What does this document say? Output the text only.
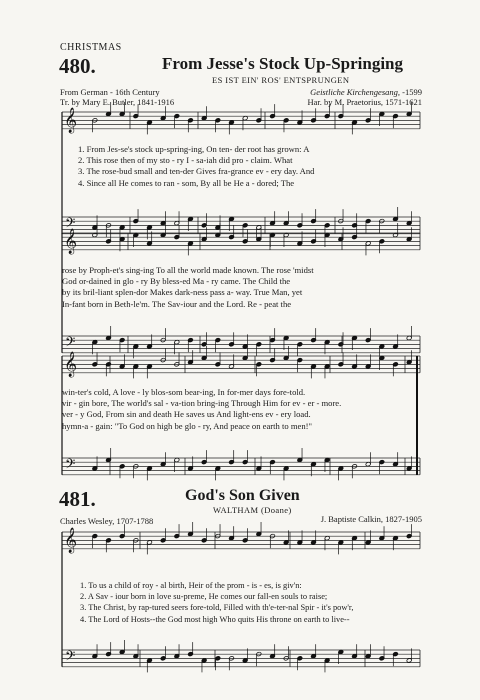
CHRISTMAS
480.	From Jesse's Stock Up-Springing
ES IST EIN' ROS' ENTSPRUNGEN
From German - 16th Century
Tr. by Mary E. Butler, 1841-1916
Geistliche Kirchengesang, -1599
Har. by M. Praetorius, 1571-1621
481.	God's Son Given
WALTHAM (Doane)
Charles Wesley, 1707-1788	J. Baptiste Calkin, 1827-1905
𝄞
𝄢
𝄞
𝄢
𝄞
𝄢
𝄞
𝄢
1. From Jes-se's stock up-spring-ing, On ten- der root has grown: A
2. This rose then of my sto - ry I - sa-iah did pro - claim. What
3. The rose-bud small and ten-der Gives fra-grance ev - ery day. And
4. Since all He comes to ran - som, By all be He a - dored; The
rose by Proph-et's sing-ing To all the world made known. The rose 'midst
God or-dained in glo - ry By bless-ed Ma - ry came. The Child the
by its bril-liant splen-dor Makes dark-ness pass a- way. True Man, yet
In-fant born in Beth-le'm. The Sav-iour and the Lord. Re - peat the
win-ter's cold, A love - ly blos-som bear-ing, In for-mer days fore-told.
vir - gin bore, The world's sal - va-tion bring-ing Through Him for ev - er - more.
ver - y God, From sin and death He saves us And light-ens ev - ery load.
hymn-a - gain: "To God on high be glo - ry, And peace on earth to men!"
1. To us a child of roy - al birth, Heir of the prom - is - es, is giv'n:
2. A Sav - iour born in love su-preme, He comes our fall-en souls to raise;
3. The Christ, by rap-tured seers fore-told, Filled with th'e-ter-nal Spir - it's pow'r,
4. The Lord of Hosts--the God most high Who quits His throne on earth to live--
